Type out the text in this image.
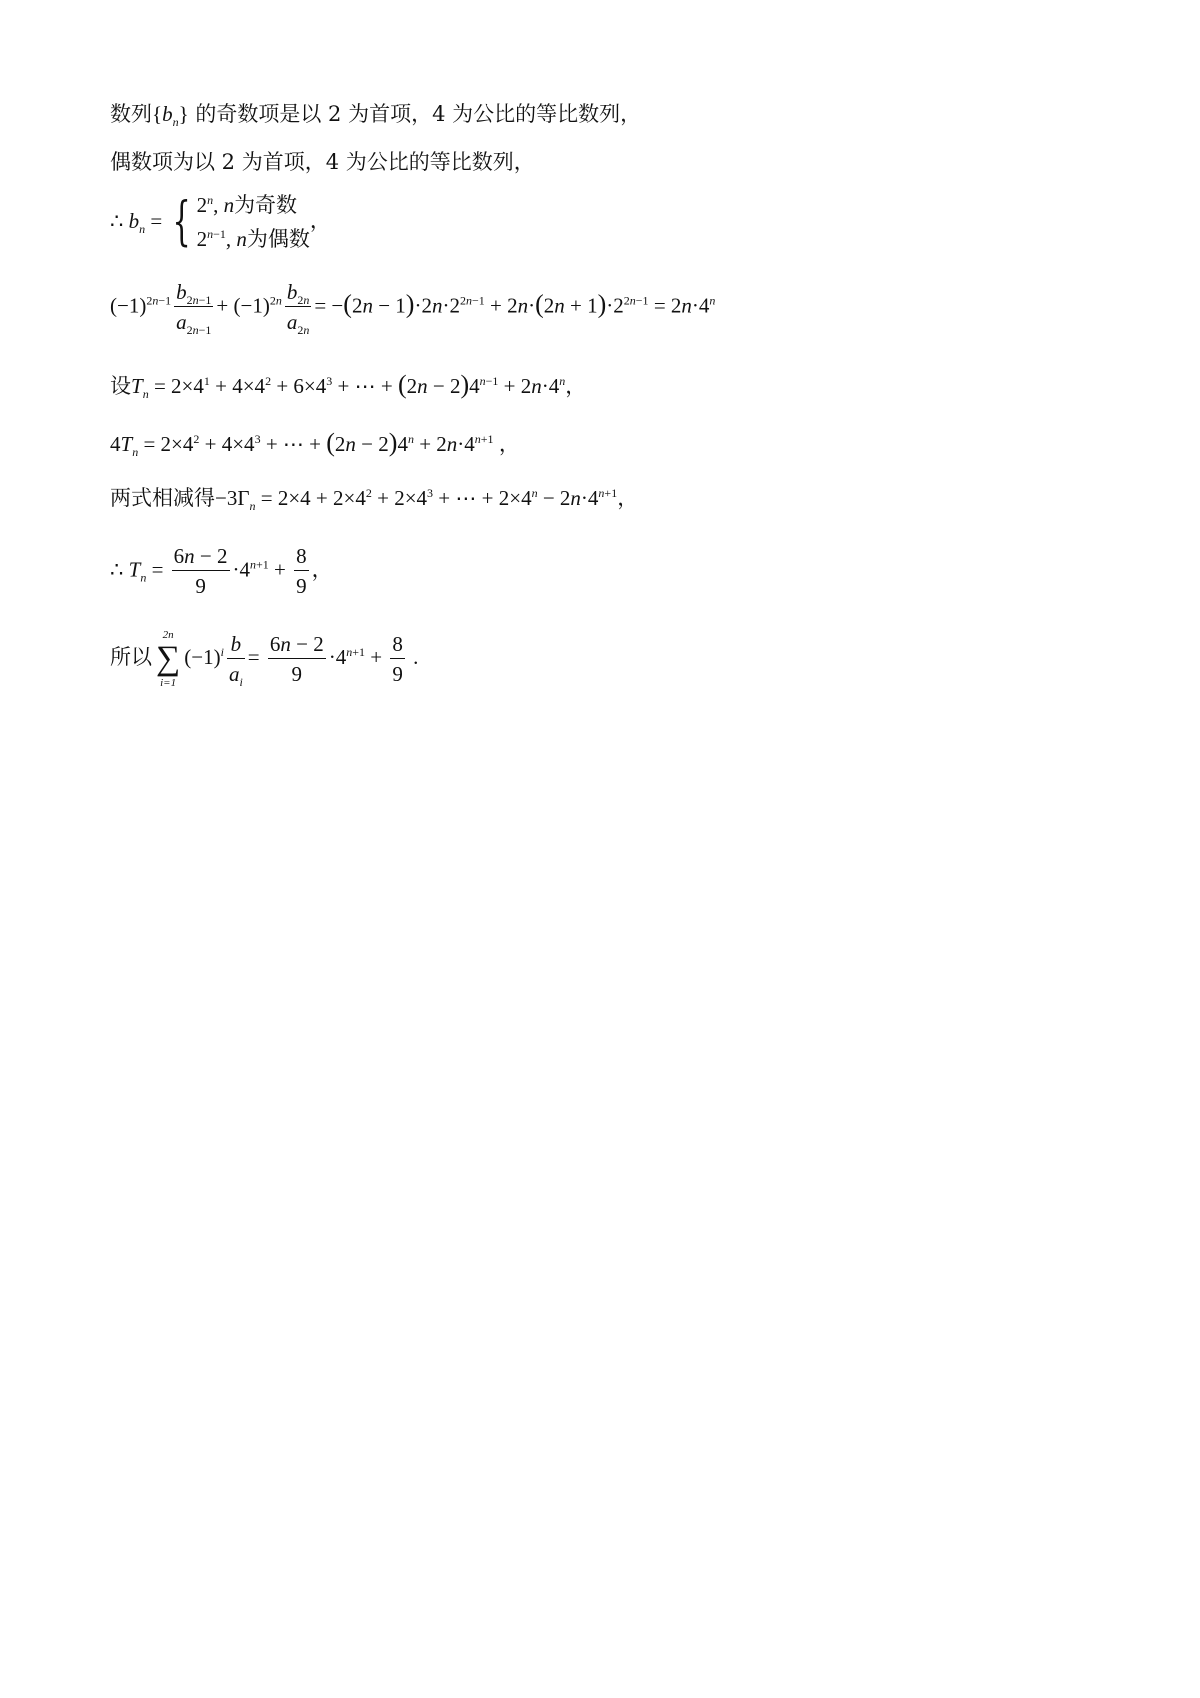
数列$\{b_n\}$ 的奇数项是以 2 为首项，4 为公比的等比数列，
偶数项为以 2 为首项，4 为公比的等比数列，
∴ $b_n$ = { 2$^n$, n为奇数
$2^{n-1}$, n为偶数
，
$(-1)^{2n-1} \frac{b_{2n-1}}{a_{2n-1}} + (-1)^{2n} \frac{b_{2n}}{a_{2n}} = -(2n - 1)\cdot 2n\cdot 2^{2n-1} + 2n\cdot(2n + 1)\cdot 2^{2n-1} = 2n\cdot 4^n$
设$T_n = 2\times 4^1 + 4\times 4^2 + 6\times 4^3$ + ⋯ + $(2n - 2)4^{n-1} + 2n\cdot 4^n$，
$4T_n = 2\times 4^2 + 4\times 4^3$ + ⋯ + $(2n - 2)4^n + 2n\cdot 4^{n+1}$ ，
两式相减得$-3\Gamma_n = 2\times 4 + 2\times 4^2 + 2\times 4^3$ + ⋯ + $2\times 4^n - 2n\cdot 4^{n+1}$，
∴ $T_n = \frac{6n - 2}{9} \cdot 4^{n+1} + \frac{8}{9}$ ，
所以
2n
∑
i=1
$(-1)^i \frac{b}{a_i} = \frac{6n - 2}{9} \cdot 4^{n+1} + \frac{8}{9}$ .
